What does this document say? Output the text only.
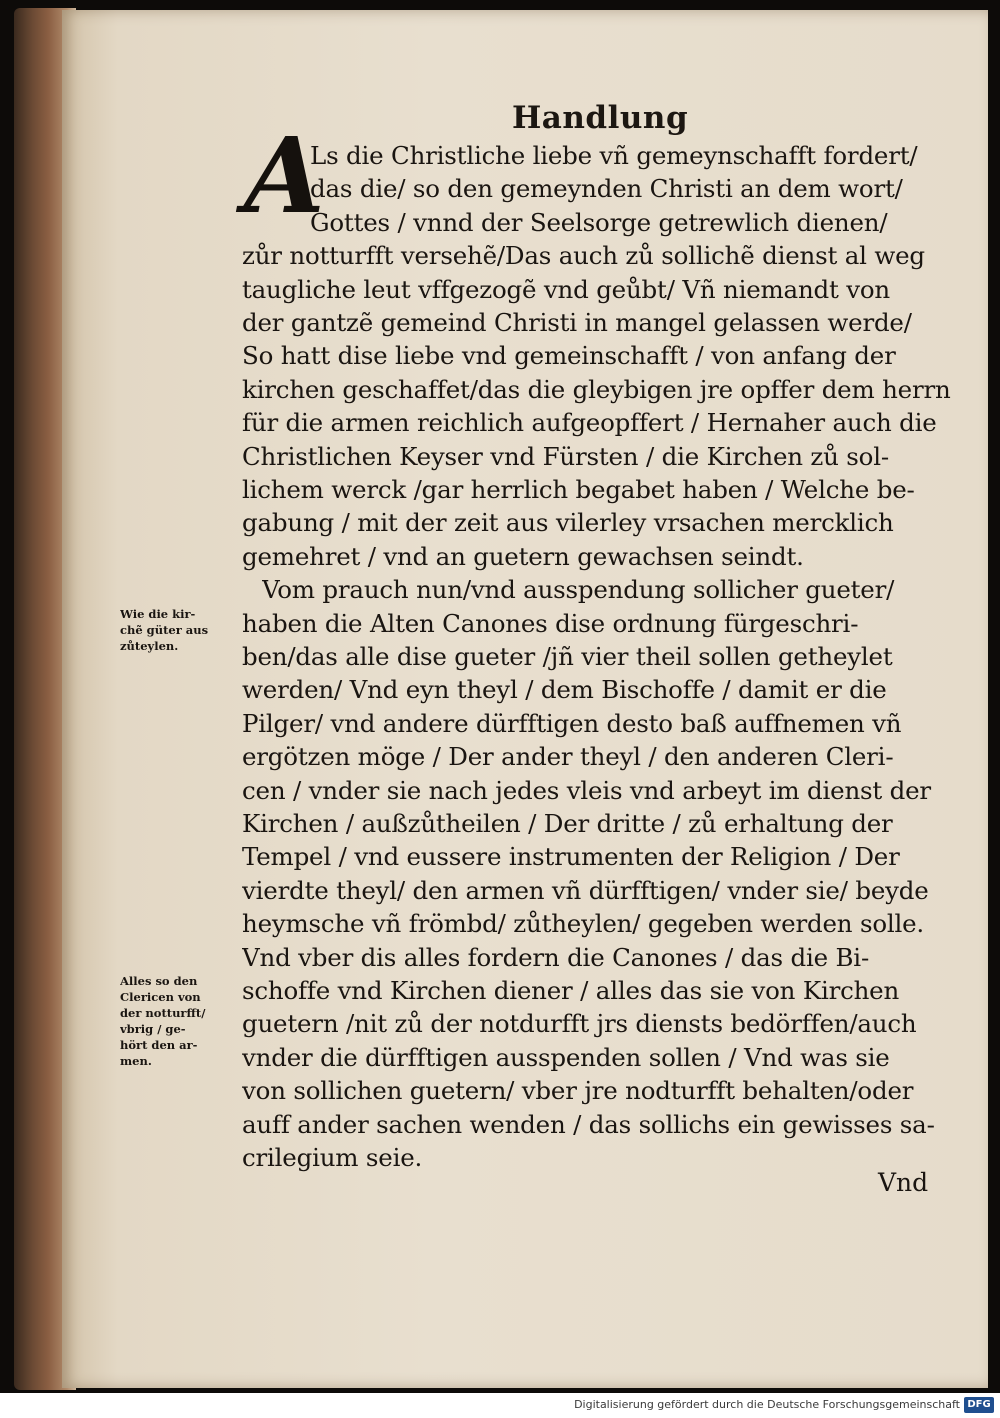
Handlung
A
Ls die Christliche liebe vñ gemeynschafft fordert/
das die/ so den gemeynden Christi an dem wort/
Gottes / vnnd der Seelsorge getrewlich dienen/
zůr notturfft versehẽ/Das auch zů sollichẽ dienst al weg
taugliche leut vffgezogẽ vnd geůbt/ Vñ niemandt von
der gantzẽ gemeind Christi in mangel gelassen werde/
So hatt dise liebe vnd gemeinschafft / von anfang der
kirchen geschaffet/das die gleybigen jre opffer dem herrn
für die armen reichlich aufgeopffert / Hernaher auch die
Christlichen Keyser vnd Fürsten / die Kirchen zů sol-
lichem werck /gar herrlich begabet haben / Welche be-
gabung / mit der zeit aus vilerley vrsachen mercklich
gemehret / vnd an guetern gewachsen seindt.
Vom prauch nun/vnd ausspendung sollicher gueter/
haben die Alten Canones dise ordnung fürgeschri-
ben/das alle dise gueter /jñ vier theil sollen getheylet
werden/ Vnd eyn theyl / dem Bischoffe / damit er die
Pilger/ vnd andere dürfftigen desto baß auffnemen vñ
ergötzen möge / Der ander theyl / den anderen Cleri-
cen / vnder sie nach jedes vleis vnd arbeyt im dienst der
Kirchen / außzůtheilen / Der dritte / zů erhaltung der
Tempel / vnd eussere instrumenten der Religion / Der
vierdte theyl/ den armen vñ dürfftigen/ vnder sie/ beyde
heymsche vñ frömbd/ zůtheylen/ gegeben werden solle.
Vnd vber dis alles fordern die Canones / das die Bi-
schoffe vnd Kirchen diener / alles das sie von Kirchen
guetern /nit zů der notdurfft jrs diensts bedörffen/auch
vnder die dürfftigen ausspenden sollen / Vnd was sie
von sollichen guetern/ vber jre nodturfft behalten/oder
auff ander sachen wenden / das sollichs ein gewisses sa-
crilegium seie.
Wie die kir-
chẽ güter aus
zůteylen.
Alles so den
Clericen von
der notturfft/
vbrig / ge-
hört den ar-
men.
Vnd
Digitalisierung gefördert durch die Deutsche Forschungsgemeinschaft DFG
